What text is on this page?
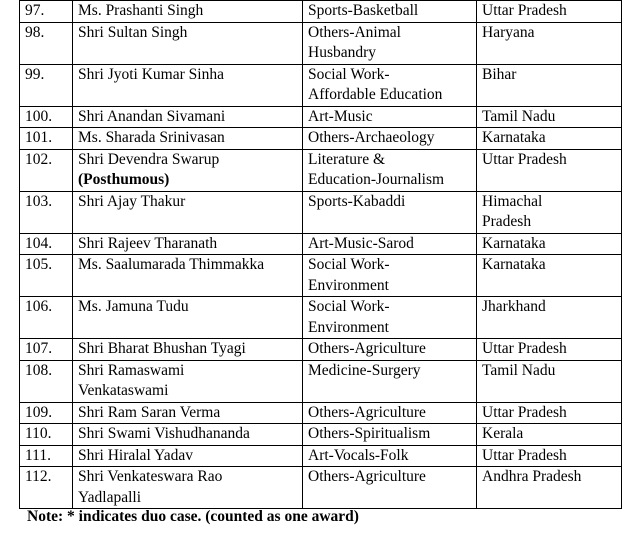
97.	Ms. Prashanti Singh	Sports-Basketball	Uttar Pradesh

98.	Shri Sultan Singh	Others-Animal
Husbandry	Haryana

99.	Shri Jyoti Kumar Sinha	Social Work-
Affordable Education	Bihar

100.	Shri Anandan Sivamani	Art-Music	Tamil Nadu

101.	Ms. Sharada Srinivasan	Others-Archaeology	Karnataka

102.	Shri Devendra Swarup
(Posthumous)	Literature &
Education-Journalism	Uttar Pradesh

103.	Shri Ajay Thakur	Sports-Kabaddi	Himachal
Pradesh

104.	Shri Rajeev Tharanath	Art-Music-Sarod	Karnataka

105.	Ms. Saalumarada Thimmakka	Social Work-
Environment	Karnataka

106.	Ms. Jamuna Tudu	Social Work-
Environment	Jharkhand

107.	Shri Bharat Bhushan Tyagi	Others-Agriculture	Uttar Pradesh

108.	Shri Ramaswami
Venkataswami	Medicine-Surgery	Tamil Nadu

109.	Shri Ram Saran Verma	Others-Agriculture	Uttar Pradesh

110.	Shri Swami Vishudhananda	Others-Spiritualism	Kerala

111.	Shri Hiralal Yadav	Art-Vocals-Folk	Uttar Pradesh

112.	Shri Venkateswara Rao
Yadlapalli	Others-Agriculture	Andhra Pradesh
Note: * indicates duo case. (counted as one award)
